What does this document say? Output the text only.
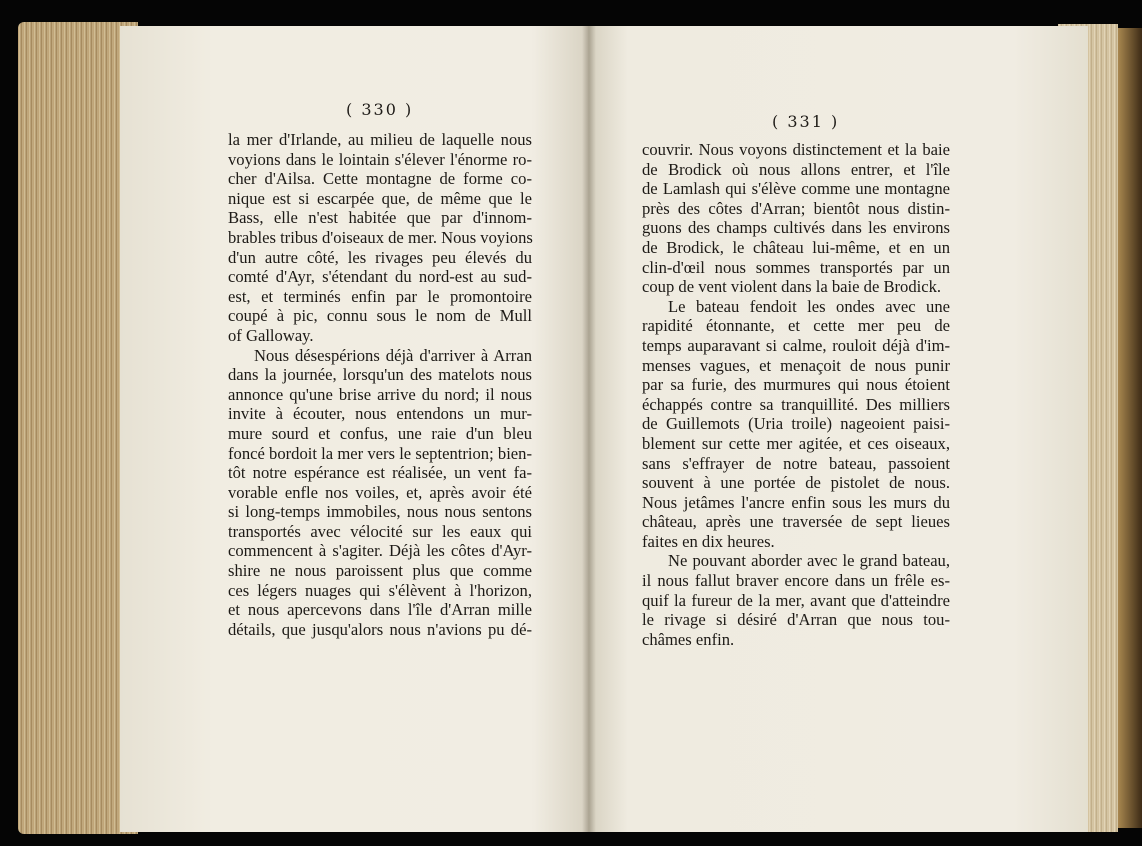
( 330 )
( 331 )
la mer d'Irlande, au milieu de laquelle nous
voyions dans le lointain s'élever l'énorme ro-
cher d'Ailsa. Cette montagne de forme co-
nique est si escarpée que, de même que le
Bass, elle n'est habitée que par d'innom-
brables tribus d'oiseaux de mer. Nous voyions
d'un autre côté, les rivages peu élevés du
comté d'Ayr, s'étendant du nord-est au sud-
est, et terminés enfin par le promontoire
coupé à pic, connu sous le nom de Mull
of Galloway.
Nous désespérions déjà d'arriver à Arran
dans la journée, lorsqu'un des matelots nous
annonce qu'une brise arrive du nord; il nous
invite à écouter, nous entendons un mur-
mure sourd et confus, une raie d'un bleu
foncé bordoit la mer vers le septentrion; bien-
tôt notre espérance est réalisée, un vent fa-
vorable enfle nos voiles, et, après avoir été
si long-temps immobiles, nous nous sentons
transportés avec vélocité sur les eaux qui
commencent à s'agiter. Déjà les côtes d'Ayr-
shire ne nous paroissent plus que comme
ces légers nuages qui s'élèvent à l'horizon,
et nous apercevons dans l'île d'Arran mille
détails, que jusqu'alors nous n'avions pu dé-
couvrir. Nous voyons distinctement et la baie
de Brodick où nous allons entrer, et l'île
de Lamlash qui s'élève comme une montagne
près des côtes d'Arran; bientôt nous distin-
guons des champs cultivés dans les environs
de Brodick, le château lui-même, et en un
clin-d'œil nous sommes transportés par un
coup de vent violent dans la baie de Brodick.
Le bateau fendoit les ondes avec une
rapidité étonnante, et cette mer peu de
temps auparavant si calme, rouloit déjà d'im-
menses vagues, et menaçoit de nous punir
par sa furie, des murmures qui nous étoient
échappés contre sa tranquillité. Des milliers
de Guillemots (Uria troile) nageoient paisi-
blement sur cette mer agitée, et ces oiseaux,
sans s'effrayer de notre bateau, passoient
souvent à une portée de pistolet de nous.
Nous jetâmes l'ancre enfin sous les murs du
château, après une traversée de sept lieues
faites en dix heures.
Ne pouvant aborder avec le grand bateau,
il nous fallut braver encore dans un frêle es-
quif la fureur de la mer, avant que d'atteindre
le rivage si désiré d'Arran que nous tou-
châmes enfin.
